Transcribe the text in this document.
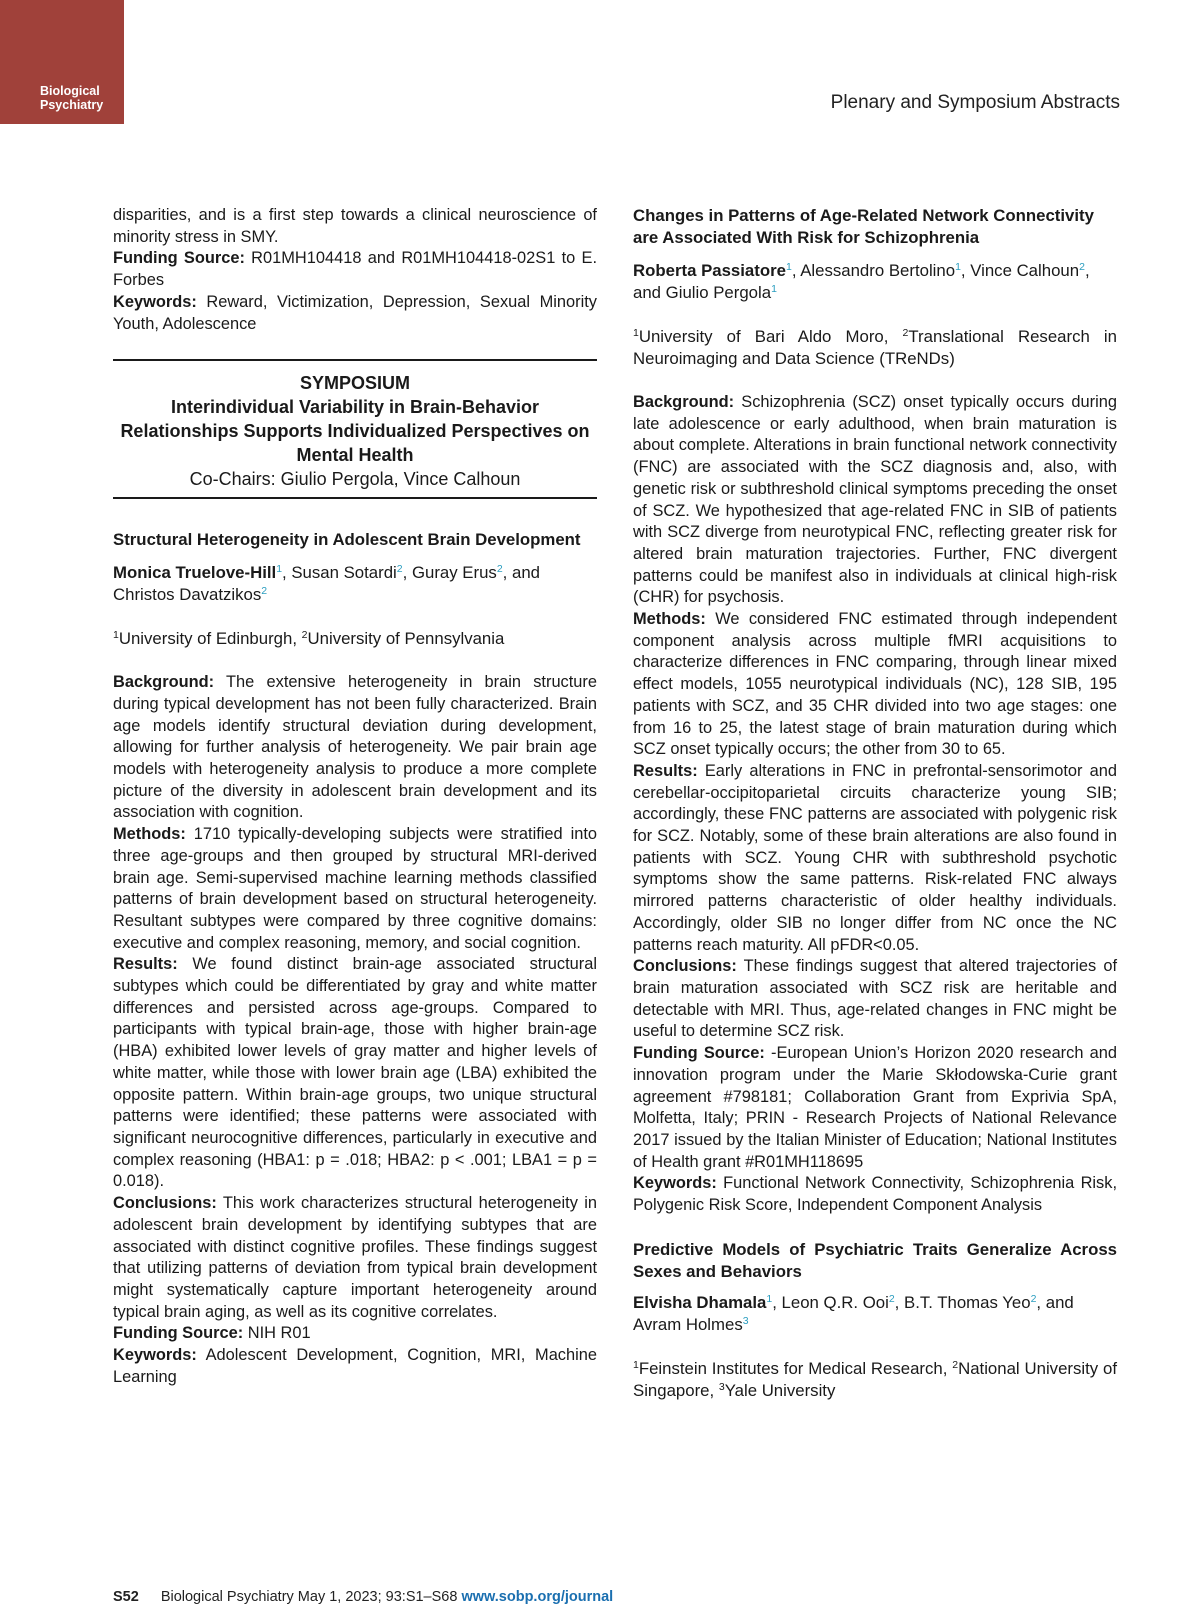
Biological
Psychiatry	Plenary and Symposium Abstracts

disparities, and is a first step towards a clinical neuroscience of minority stress in SMY.

Funding Source: R01MH104418 and R01MH104418-02S1 to E. Forbes

Keywords: Reward, Victimization, Depression, Sexual Minority Youth, Adolescence

SYMPOSIUM
Interindividual Variability in Brain-Behavior Relationships Supports Individualized Perspectives on Mental Health
Co-Chairs: Giulio Pergola, Vince Calhoun

Structural Heterogeneity in Adolescent Brain Development

Monica Truelove-Hill$^1$, Susan Sotardi$^2$, Guray Erus$^2$, and Christos Davatzikos$^2$

$^1$University of Edinburgh, $^2$University of Pennsylvania

Background: The extensive heterogeneity in brain structure during typical development has not been fully characterized. Brain age models identify structural deviation during development, allowing for further analysis of heterogeneity. We pair brain age models with heterogeneity analysis to produce a more complete picture of the diversity in adolescent brain development and its association with cognition.

Methods: 1710 typically-developing subjects were stratified into three age-groups and then grouped by structural MRI-derived brain age. Semi-supervised machine learning methods classified patterns of brain development based on structural heterogeneity. Resultant subtypes were compared by three cognitive domains: executive and complex reasoning, memory, and social cognition.

Results: We found distinct brain-age associated structural subtypes which could be differentiated by gray and white matter differences and persisted across age-groups. Compared to participants with typical brain-age, those with higher brain-age (HBA) exhibited lower levels of gray matter and higher levels of white matter, while those with lower brain age (LBA) exhibited the opposite pattern. Within brain-age groups, two unique structural patterns were identified; these patterns were associated with significant neurocognitive differences, particularly in executive and complex reasoning (HBA1: p = .018; HBA2: p < .001; LBA1 = p = 0.018).

Conclusions: This work characterizes structural heterogeneity in adolescent brain development by identifying subtypes that are associated with distinct cognitive profiles. These findings suggest that utilizing patterns of deviation from typical brain development might systematically capture important heterogeneity around typical brain aging, as well as its cognitive correlates.

Funding Source: NIH R01

Keywords: Adolescent Development, Cognition, MRI, Machine Learning

Changes in Patterns of Age-Related Network Connectivity are Associated With Risk for Schizophrenia

Roberta Passiatore$^1$, Alessandro Bertolino$^1$, Vince Calhoun$^2$, and Giulio Pergola$^1$

$^1$University of Bari Aldo Moro, $^2$Translational Research in Neuroimaging and Data Science (TReNDs)

Background: Schizophrenia (SCZ) onset typically occurs during late adolescence or early adulthood, when brain maturation is about complete. Alterations in brain functional network connectivity (FNC) are associated with the SCZ diagnosis and, also, with genetic risk or subthreshold clinical symptoms preceding the onset of SCZ. We hypothesized that age-related FNC in SIB of patients with SCZ diverge from neurotypical FNC, reflecting greater risk for altered brain maturation trajectories. Further, FNC divergent patterns could be manifest also in individuals at clinical high-risk (CHR) for psychosis.

Methods: We considered FNC estimated through independent component analysis across multiple fMRI acquisitions to characterize differences in FNC comparing, through linear mixed effect models, 1055 neurotypical individuals (NC), 128 SIB, 195 patients with SCZ, and 35 CHR divided into two age stages: one from 16 to 25, the latest stage of brain maturation during which SCZ onset typically occurs; the other from 30 to 65.

Results: Early alterations in FNC in prefrontal-sensorimotor and cerebellar-occipitoparietal circuits characterize young SIB; accordingly, these FNC patterns are associated with polygenic risk for SCZ. Notably, some of these brain alterations are also found in patients with SCZ. Young CHR with subthreshold psychotic symptoms show the same patterns. Risk-related FNC always mirrored patterns characteristic of older healthy individuals. Accordingly, older SIB no longer differ from NC once the NC patterns reach maturity. All pFDR<0.05.

Conclusions: These findings suggest that altered trajectories of brain maturation associated with SCZ risk are heritable and detectable with MRI. Thus, age-related changes in FNC might be useful to determine SCZ risk.

Funding Source: -European Union’s Horizon 2020 research and innovation program under the Marie Skłodowska-Curie grant agreement #798181; Collaboration Grant from Exprivia SpA, Molfetta, Italy; PRIN - Research Projects of National Relevance 2017 issued by the Italian Minister of Education; National Institutes of Health grant #R01MH118695

Keywords: Functional Network Connectivity, Schizophrenia Risk, Polygenic Risk Score, Independent Component Analysis

Predictive Models of Psychiatric Traits Generalize Across Sexes and Behaviors

Elvisha Dhamala$^1$, Leon Q.R. Ooi$^2$, B.T. Thomas Yeo$^2$, and Avram Holmes$^3$

$^1$Feinstein Institutes for Medical Research, $^2$National University of Singapore, $^3$Yale University

S52 Biological Psychiatry May 1, 2023; 93:S1–S68 www.sobp.org/journal
